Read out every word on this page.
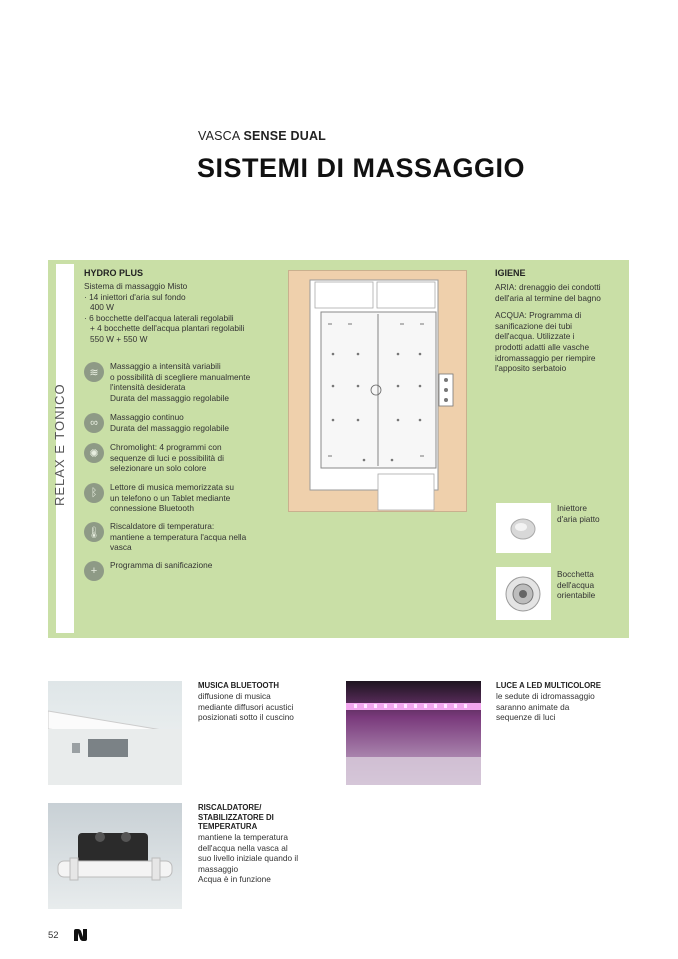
VASCA SENSE DUAL
SISTEMI DI MASSAGGIO
RELAX E TONICO
HYDRO PLUS
Sistema di massaggio Misto
· 14 iniettori d'aria sul fondo
400 W
· 6 bocchette dell'acqua laterali regolabili
+ 4 bocchette dell'acqua plantari regolabili
550 W + 550 W
≋
Massaggio a intensità variabili
o possibilità di scegliere manualmente
l'intensità desiderata
Durata del massaggio regolabile
∞	Massaggio continuo
Durata del massaggio regolabile
✺
Chromolight: 4 programmi con
sequenze di luci e possibilità di
selezionare un solo colore
ᛒ	Lettore di musica memorizzata su
un telefono o un Tablet mediante
connessione Bluetooth
🌡
Riscaldatore di temperatura:
mantiene a temperatura l'acqua nella
vasca
+	Programma di sanificazione
IGIENE
ARIA: drenaggio dei condotti
dell'aria al termine del bagno
ACQUA: Programma di
sanificazione dei tubi
dell'acqua. Utilizzate i
prodotti adatti alle vasche
idromassaggio per riempire
l'apposito serbatoio
Iniettore
d'aria piatto
Bocchetta
dell'acqua
orientabile
MUSICA BLUETOOTH
diffusione di musica
mediante diffusori acustici
posizionati sotto il cuscino
LUCE A LED MULTICOLORE
le sedute di idromassaggio
saranno animate da
sequenze di luci
RISCALDATORE/
STABILIZZATORE DI
TEMPERATURA
mantiene la temperatura
dell'acqua nella vasca al
suo livello iniziale quando il
massaggio
Acqua è in funzione
52
